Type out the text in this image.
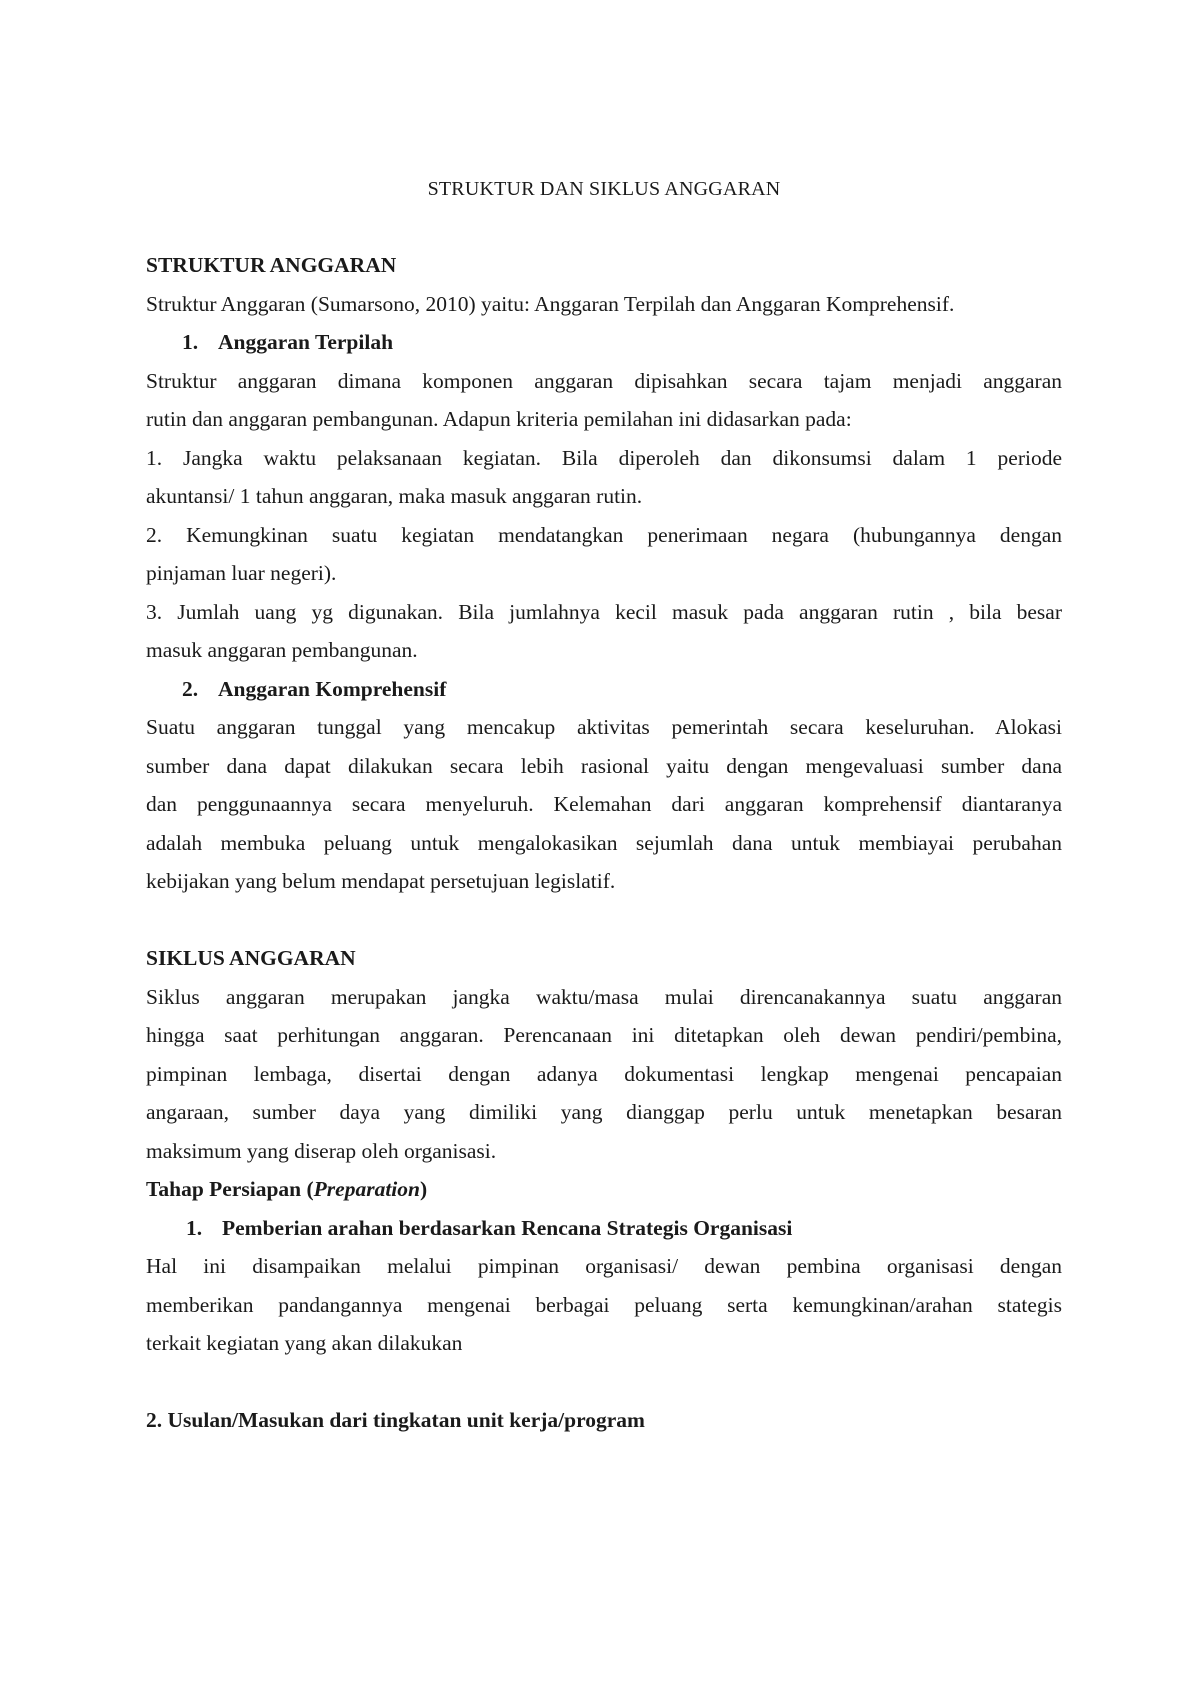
STRUKTUR DAN SIKLUS ANGGARAN
STRUKTUR ANGGARAN
Struktur Anggaran (Sumarsono, 2010) yaitu: Anggaran Terpilah dan Anggaran Komprehensif.
1. Anggaran Terpilah
Struktur anggaran dimana komponen anggaran dipisahkan secara tajam menjadi anggaran
rutin dan anggaran pembangunan. Adapun kriteria pemilahan ini didasarkan pada:
1. Jangka waktu pelaksanaan kegiatan. Bila diperoleh dan dikonsumsi dalam 1 periode
akuntansi/ 1 tahun anggaran, maka masuk anggaran rutin.
2. Kemungkinan suatu kegiatan mendatangkan penerimaan negara (hubungannya dengan
pinjaman luar negeri).
3. Jumlah uang yg digunakan. Bila jumlahnya kecil masuk pada anggaran rutin , bila besar
masuk anggaran pembangunan.
2. Anggaran Komprehensif
Suatu anggaran tunggal yang mencakup aktivitas pemerintah secara keseluruhan. Alokasi
sumber dana dapat dilakukan secara lebih rasional yaitu dengan mengevaluasi sumber dana
dan penggunaannya secara menyeluruh. Kelemahan dari anggaran komprehensif diantaranya
adalah membuka peluang untuk mengalokasikan sejumlah dana untuk membiayai perubahan
kebijakan yang belum mendapat persetujuan legislatif.
SIKLUS ANGGARAN
Siklus anggaran merupakan jangka waktu/masa mulai direncanakannya suatu anggaran
hingga saat perhitungan anggaran. Perencanaan ini ditetapkan oleh dewan pendiri/pembina,
pimpinan lembaga, disertai dengan adanya dokumentasi lengkap mengenai pencapaian
angaraan, sumber daya yang dimiliki yang dianggap perlu untuk menetapkan besaran
maksimum yang diserap oleh organisasi.
Tahap Persiapan (Preparation)
1. Pemberian arahan berdasarkan Rencana Strategis Organisasi
Hal ini disampaikan melalui pimpinan organisasi/ dewan pembina organisasi dengan
memberikan pandangannya mengenai berbagai peluang serta kemungkinan/arahan stategis
terkait kegiatan yang akan dilakukan
2. Usulan/Masukan dari tingkatan unit kerja/program
